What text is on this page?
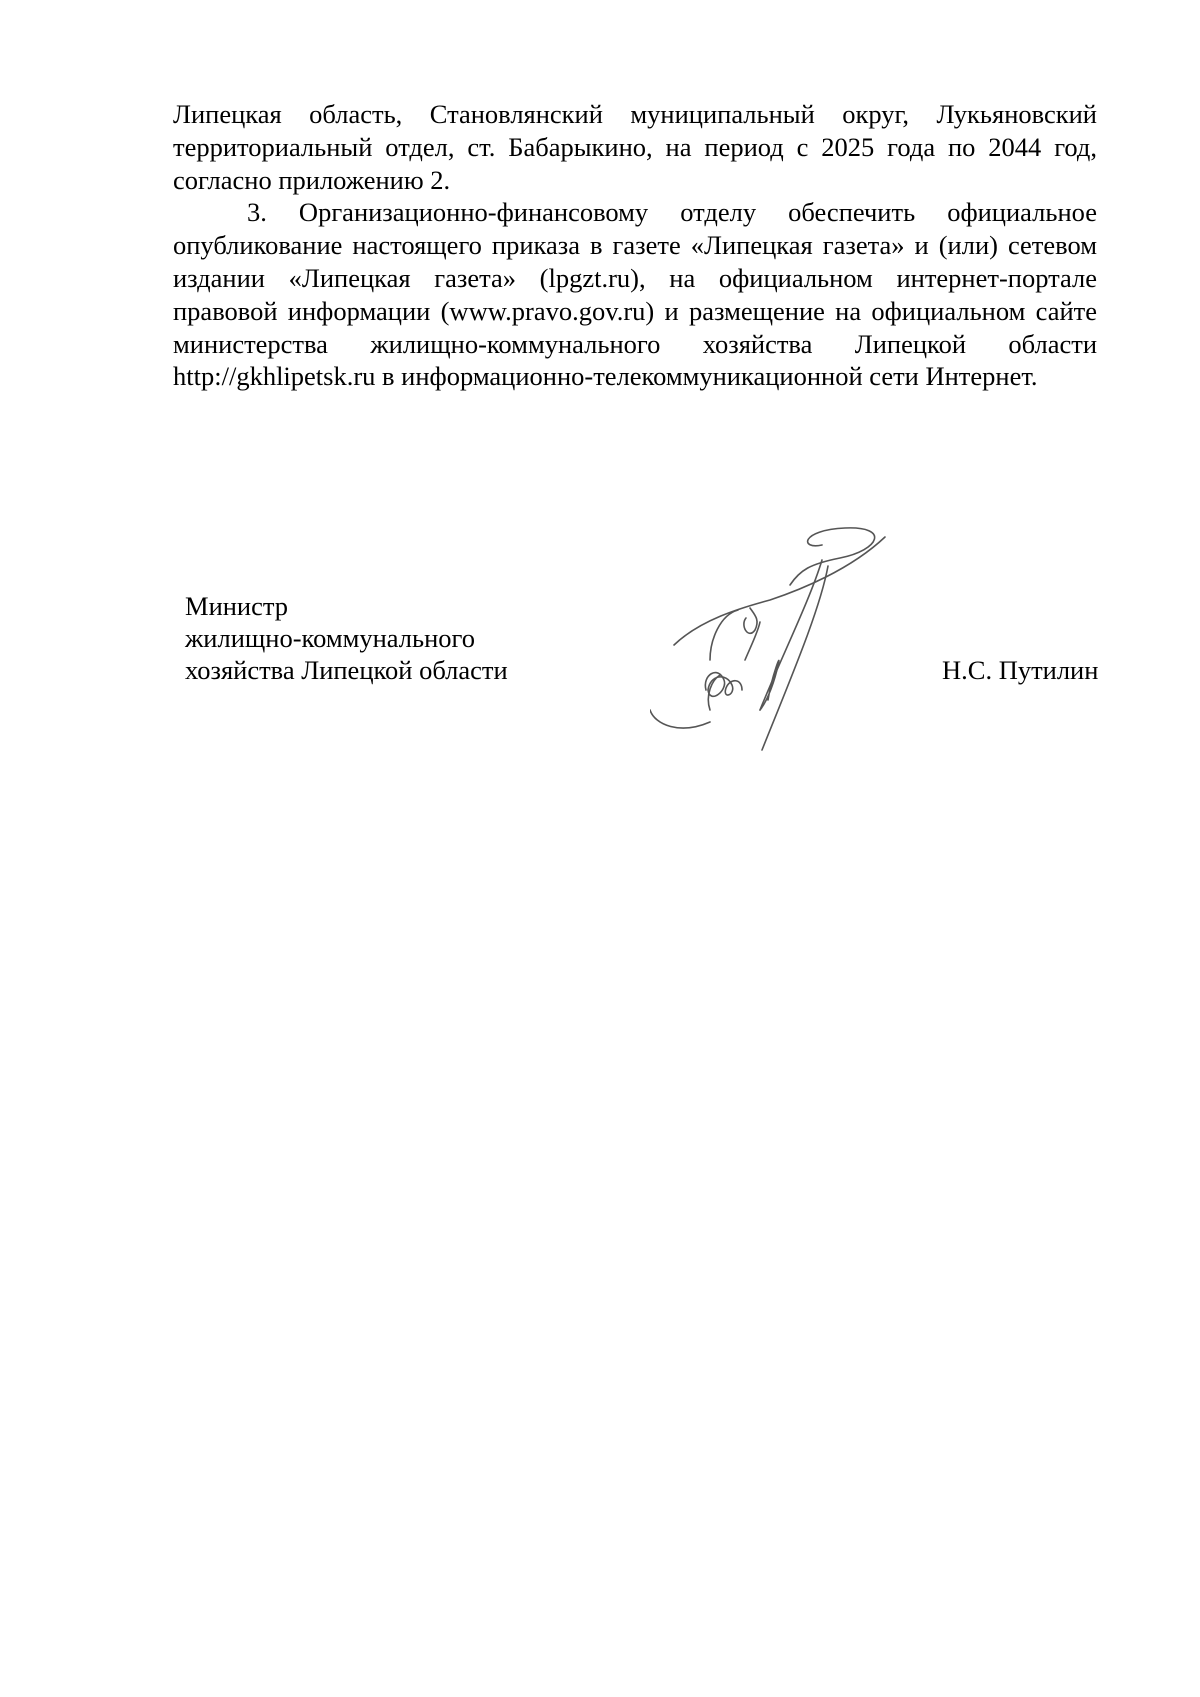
Липецкая область, Становлянский муниципальный округ, Лукьяновский территориальный отдел, ст. Бабарыкино, на период с 2025 года по 2044 год, согласно приложению 2.

3. Организационно-финансовому отделу обеспечить официальное опубликование настоящего приказа в газете «Липецкая газета» и (или) сетевом издании «Липецкая газета» (lpgzt.ru), на официальном интернет-портале правовой информации (www.pravo.gov.ru) и размещение на официальном сайте министерства жилищно-коммунального хозяйства Липецкой области http://gkhlipetsk.ru в информационно-телекоммуникационной сети Интернет.

Министр
жилищно-коммунального
хозяйства Липецкой области	Н.С. Путилин
